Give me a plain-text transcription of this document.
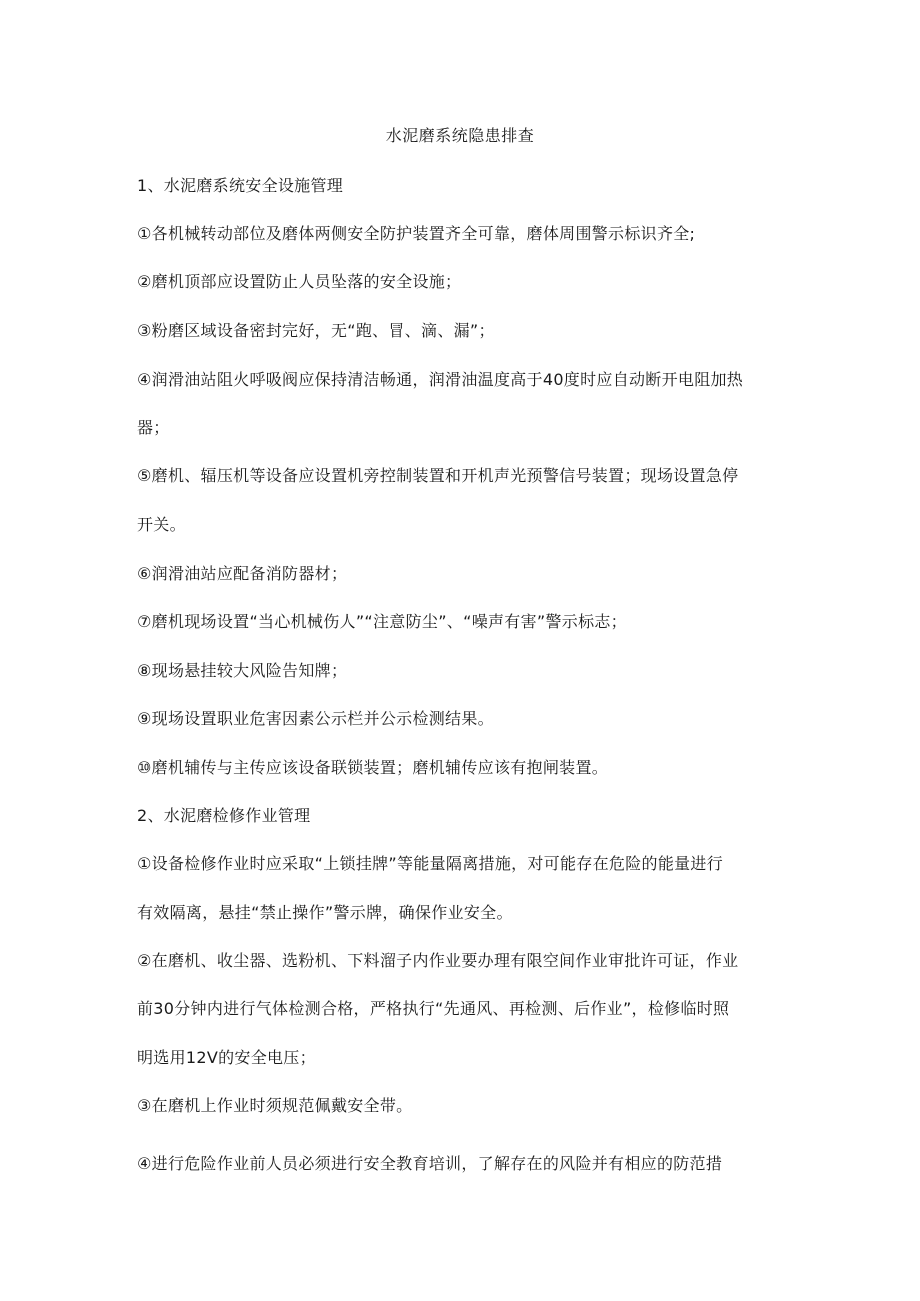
水泥磨系统隐患排查
1、水泥磨系统安全设施管理
①各机械转动部位及磨体两侧安全防护装置齐全可靠，磨体周围警示标识齐全;
②磨机顶部应设置防止人员坠落的安全设施；
③粉磨区域设备密封完好，无“跑、冒、滴、漏”；
④润滑油站阻火呼吸阀应保持清洁畅通，润滑油温度高于40度时应自动断开电阻加热
器；
⑤磨机、辐压机等设备应设置机旁控制装置和开机声光预警信号装置；现场设置急停
开关。
⑥润滑油站应配备消防器材；
⑦磨机现场设置“当心机械伤人”“注意防尘”、“噪声有害”警示标志；
⑧现场悬挂较大风险告知牌；
⑨现场设置职业危害因素公示栏并公示检测结果。
⑩磨机辅传与主传应该设备联锁装置；磨机辅传应该有抱闸装置。
2、水泥磨检修作业管理
①设备检修作业时应采取“上锁挂牌”等能量隔离措施，对可能存在危险的能量进行
有效隔离，悬挂“禁止操作”警示牌，确保作业安全。
②在磨机、收尘器、选粉机、下料溜子内作业要办理有限空间作业审批许可证，作业
前30分钟内进行气体检测合格，严格执行“先通风、再检测、后作业”，检修临时照
明选用12V的安全电压；
③在磨机上作业时须规范佩戴安全带。
④进行危险作业前人员必须进行安全教育培训，了解存在的风险并有相应的防范措
